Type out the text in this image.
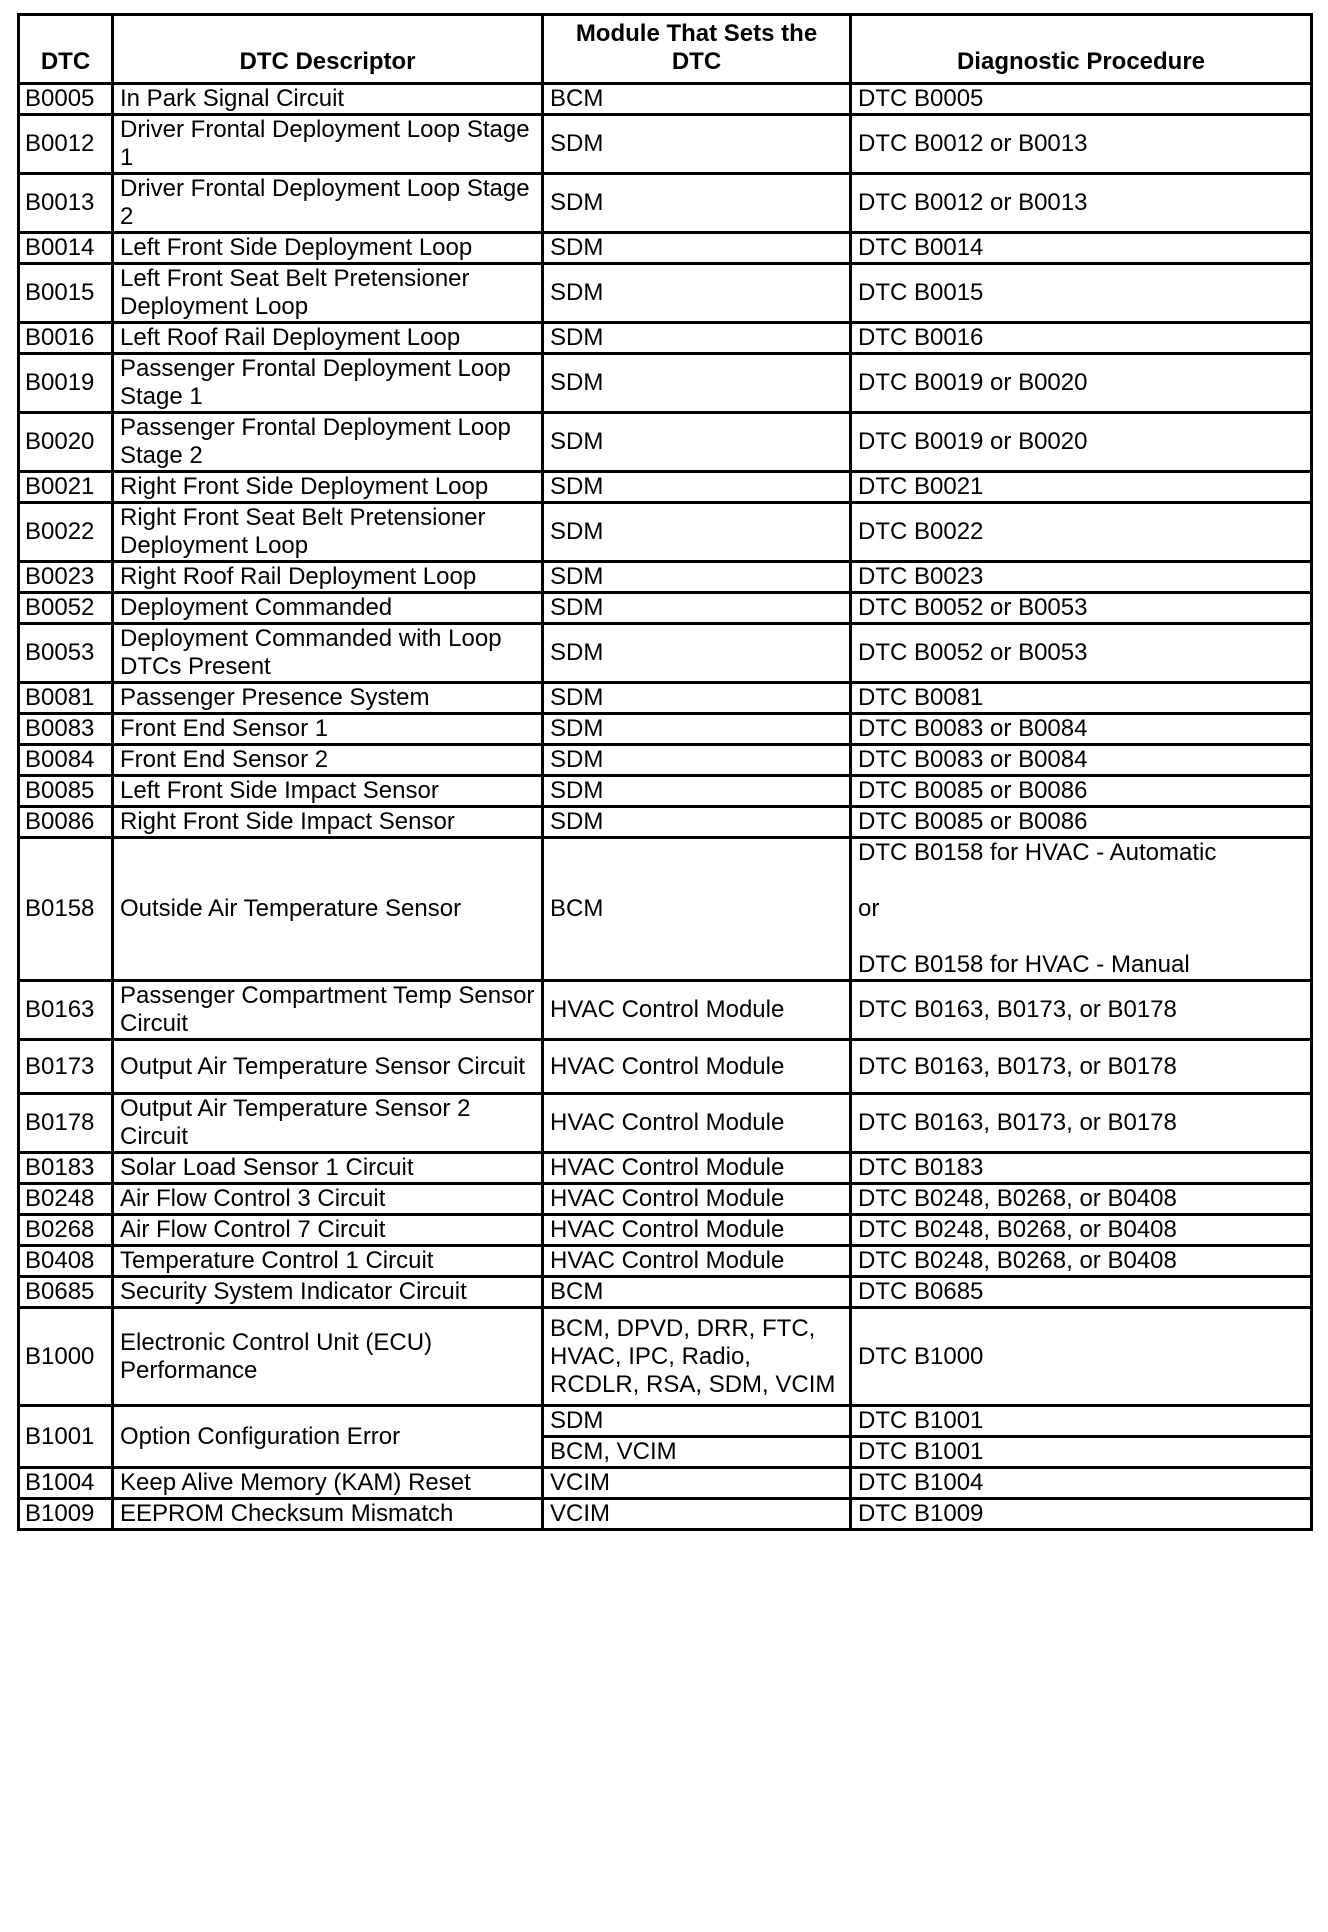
DTC	DTC Descriptor	Module That Sets the DTC	Diagnostic Procedure
B0005	In Park Signal Circuit	BCM	DTC B0005
B0012	Driver Frontal Deployment Loop Stage 1	SDM	DTC B0012 or B0013
B0013	Driver Frontal Deployment Loop Stage 2	SDM	DTC B0012 or B0013
B0014	Left Front Side Deployment Loop	SDM	DTC B0014
B0015	Left Front Seat Belt Pretensioner Deployment Loop	SDM	DTC B0015
B0016	Left Roof Rail Deployment Loop	SDM	DTC B0016
B0019	Passenger Frontal Deployment Loop Stage 1	SDM	DTC B0019 or B0020
B0020	Passenger Frontal Deployment Loop Stage 2	SDM	DTC B0019 or B0020
B0021	Right Front Side Deployment Loop	SDM	DTC B0021
B0022	Right Front Seat Belt Pretensioner Deployment Loop	SDM	DTC B0022
B0023	Right Roof Rail Deployment Loop	SDM	DTC B0023
B0052	Deployment Commanded	SDM	DTC B0052 or B0053
B0053	Deployment Commanded with Loop DTCs Present	SDM	DTC B0052 or B0053
B0081	Passenger Presence System	SDM	DTC B0081
B0083	Front End Sensor 1	SDM	DTC B0083 or B0084
B0084	Front End Sensor 2	SDM	DTC B0083 or B0084
B0085	Left Front Side Impact Sensor	SDM	DTC B0085 or B0086
B0086	Right Front Side Impact Sensor	SDM	DTC B0085 or B0086
B0158	Outside Air Temperature Sensor	BCM	DTC B0158 for HVAC - Automatic
or
DTC B0158 for HVAC - Manual

B0163	Passenger Compartment Temp Sensor Circuit	HVAC Control Module	DTC B0163, B0173, or B0178
B0173	Output Air Temperature Sensor Circuit	HVAC Control Module	DTC B0163, B0173, or B0178
B0178	Output Air Temperature Sensor 2 Circuit	HVAC Control Module	DTC B0163, B0173, or B0178
B0183	Solar Load Sensor 1 Circuit	HVAC Control Module	DTC B0183
B0248	Air Flow Control 3 Circuit	HVAC Control Module	DTC B0248, B0268, or B0408
B0268	Air Flow Control 7 Circuit	HVAC Control Module	DTC B0248, B0268, or B0408
B0408	Temperature Control 1 Circuit	HVAC Control Module	DTC B0248, B0268, or B0408
B0685	Security System Indicator Circuit	BCM	DTC B0685
B1000	Electronic Control Unit (ECU) Performance	BCM, DPVD, DRR, FTC, HVAC, IPC, Radio, RCDLR, RSA, SDM, VCIM	DTC B1000
B1001	Option Configuration Error	SDM	DTC B1001
		BCM, VCIM	DTC B1001
B1004	Keep Alive Memory (KAM) Reset	VCIM	DTC B1004
B1009	EEPROM Checksum Mismatch	VCIM	DTC B1009
